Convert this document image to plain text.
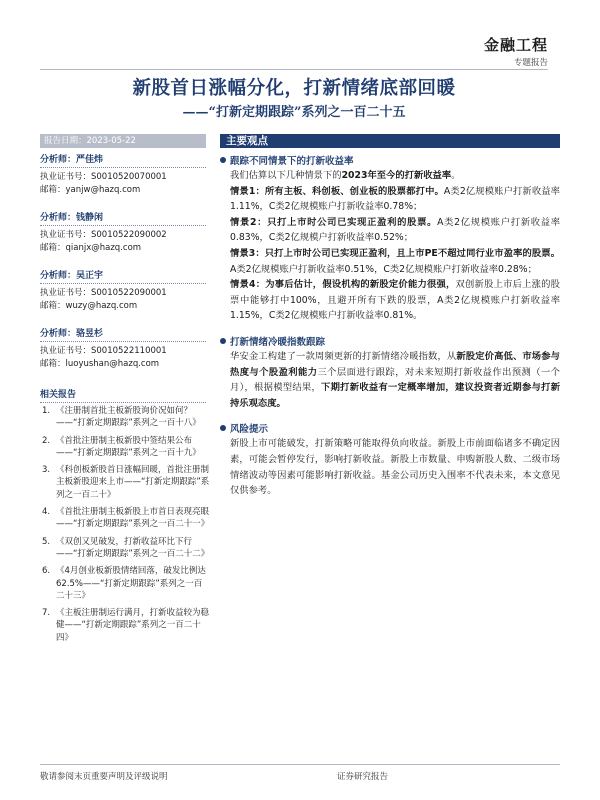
金融工程
专题报告
新股首日涨幅分化，打新情绪底部回暖
——“打新定期跟踪”系列之一百二十五
报告日期：2023-05-22	主要观点
分析师：严佳炜
执业证书号：S0010520070001
邮箱：yanjw@hazq.com
分析师：钱静闲
执业证书号：S0010522090002
邮箱：qianjx@hazq.com
分析师：吴正宇
执业证书号：S0010522090001
邮箱：wuzy@hazq.com
分析师：骆昱杉
执业证书号：S0010522110001
邮箱：luoyushan@hazq.com
相关报告
1. 《注册制首批主板新股询价况如何？——“打新定期跟踪”系列之一百十八》
2. 《首批注册制主板新股中签结果公布——“打新定期跟踪”系列之一百十九》
3. 《科创板新股首日涨幅回暖，首批注册制主板新股迎来上市——“打新定期跟踪”系列之一百二十》
4. 《首批注册制主板新股上市首日表现亮眼——“打新定期跟踪”系列之一百二十一》
5. 《双创又见破发，打新收益环比下行——“打新定期跟踪”系列之一百二十二》
6. 《4月创业板新股情绪回落，破发比例达62.5%——“打新定期跟踪”系列之一百二十三》
7. 《主板注册制运行满月，打新收益较为稳健——“打新定期跟踪”系列之一百二十四》
跟踪不同情景下的打新收益率
我们估算以下几种情景下的2023年至今的打新收益率。
情景1：所有主板、科创板、创业板的股票都打中。A类2亿规模账户打新收益率1.11%，C类2亿规模账户打新收益率0.78%；
情景2：只打上市时公司已实现正盈利的股票。A类2亿规模账户打新收益率0.83%，C类2亿规模户打新收益率0.52%；
情景3：只打上市时公司已实现正盈利，且上市PE不超过同行业市盈率的股票。A类2亿规模账户打新收益率0.51%，C类2亿规模账户打新收益率0.28%；
情景4：为事后估计，假设机构的新股定价能力很强，双创新股上市后上涨的股票中能够打中100%，且避开所有下跌的股票，A类2亿规模账户打新收益率1.15%，C类2亿规模账户打新收益率0.81%。
打新情绪冷暖指数跟踪
华安金工构建了一款周频更新的打新情绪冷暖指数，从新股定价高低、市场参与热度与个股盈利能力三个层面进行跟踪，对未来短期打新收益作出预测（一个月），根据模型结果，下期打新收益有一定概率增加，建议投资者近期参与打新持乐观态度。
风险提示
新股上市可能破发，打新策略可能取得负向收益。新股上市前面临诸多不确定因素，可能会暂停发行，影响打新收益。新股上市数量、申购新股人数、二级市场情绪波动等因素可能影响打新收益。基金公司历史入围率不代表未来，本文意见仅供参考。
敬请参阅末页重要声明及评级说明	证券研究报告
